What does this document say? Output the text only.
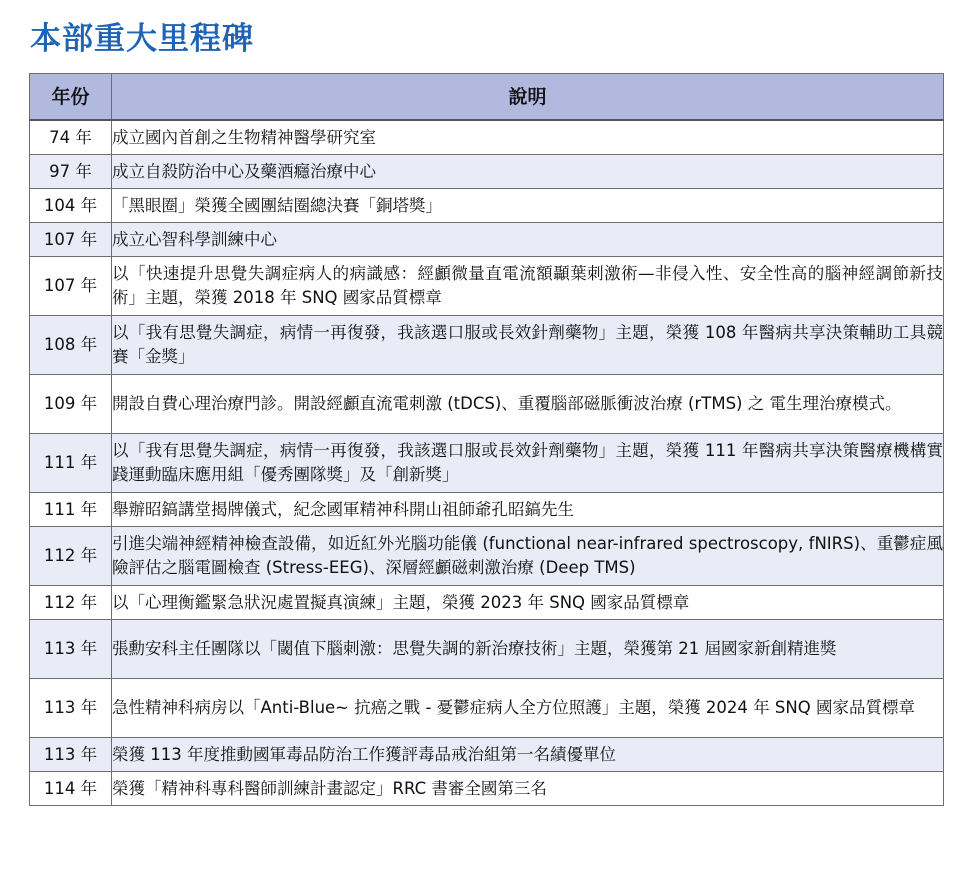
本部重大里程碑
年份	說明
74 年	成立國內首創之生物精神醫學研究室
97 年	成立自殺防治中心及藥酒癮治療中心
104 年	「黑眼圈」榮獲全國團結圈總決賽「銅塔獎」
107 年	成立心智科學訓練中心
107 年	以「快速提升思覺失調症病人的病識感：經顱微量直電流額顳葉刺激術—非侵入性、安全性高的腦神經調節新技術」主題，榮獲 2018 年 SNQ 國家品質標章
108 年	以「我有思覺失調症，病情一再復發，我該選口服或長效針劑藥物」主題，榮獲 108 年醫病共享決策輔助工具競賽「金獎」
109 年	開設自費心理治療門診。開設經顱直流電刺激 (tDCS)、重覆腦部磁脈衝波治療 (rTMS) 之 電生理治療模式。
111 年	以「我有思覺失調症，病情一再復發，我該選口服或長效針劑藥物」主題，榮獲 111 年醫病共享決策醫療機構實踐運動臨床應用組「優秀團隊獎」及「創新獎」
111 年	舉辦昭鎬講堂揭牌儀式，紀念國軍精神科開山祖師爺孔昭鎬先生
112 年	引進尖端神經精神檢查設備，如近紅外光腦功能儀 (functional near-infrared spectroscopy, fNIRS)、重鬱症風險評估之腦電圖檢查 (Stress-EEG)、深層經顱磁刺激治療 (Deep TMS)
112 年	以「心理衡鑑緊急狀況處置擬真演練」主題，榮獲 2023 年 SNQ 國家品質標章
113 年	張勳安科主任團隊以「閾值下腦刺激：思覺失調的新治療技術」主題，榮獲第 21 屆國家新創精進獎
113 年	急性精神科病房以「Anti-Blue~ 抗癌之戰 - 憂鬱症病人全方位照護」主題，榮獲 2024 年 SNQ 國家品質標章
113 年	榮獲 113 年度推動國軍毒品防治工作獲評毒品戒治組第一名績優單位
114 年	榮獲「精神科專科醫師訓練計畫認定」RRC 書審全國第三名
